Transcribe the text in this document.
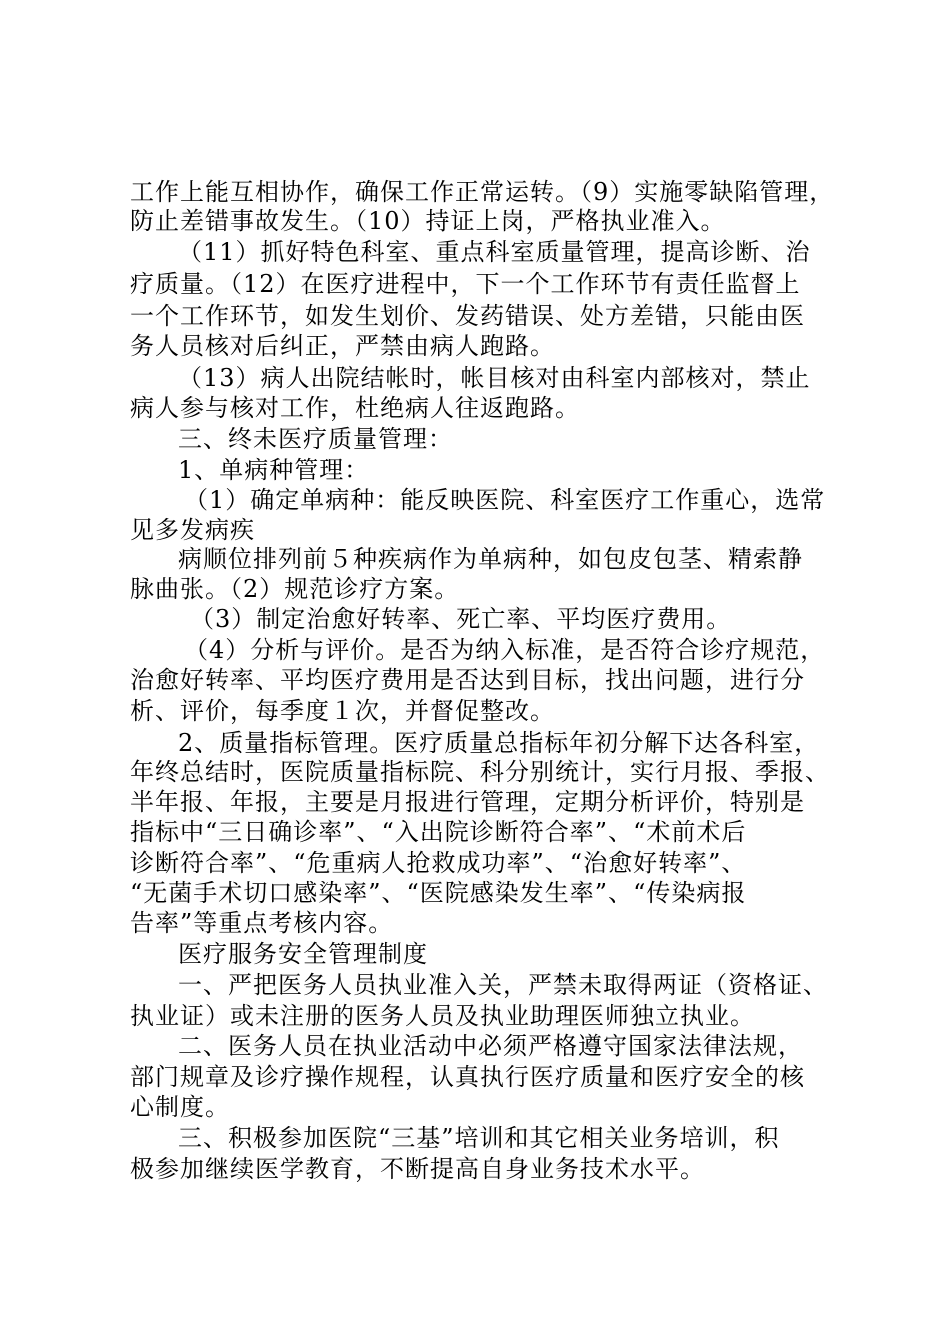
工作上能互相协作，确保工作正常运转。（9）实施零缺陷管理，
防止差错事故发生。（10）持证上岗，严格执业准入。
（11）抓好特色科室、重点科室质量管理，提高诊断、治
疗质量。（12）在医疗进程中，下一个工作环节有责任监督上
一个工作环节，如发生划价、发药错误、处方差错，只能由医
务人员核对后纠正，严禁由病人跑路。
（13）病人出院结帐时，帐目核对由科室内部核对，禁止
病人参与核对工作，杜绝病人往返跑路。
三、终未医疗质量管理：
1、单病种管理：
（1）确定单病种：能反映医院、科室医疗工作重心，选常
见多发病疾
病顺位排列前５种疾病作为单病种，如包皮包茎、精索静
脉曲张。（2）规范诊疗方案。
（3）制定治愈好转率、死亡率、平均医疗费用。
（4）分析与评价。是否为纳入标准，是否符合诊疗规范，
治愈好转率、平均医疗费用是否达到目标，找出问题，进行分
析、评价，每季度１次，并督促整改。
2、质量指标管理。医疗质量总指标年初分解下达各科室，
年终总结时，医院质量指标院、科分别统计，实行月报、季报、
半年报、年报，主要是月报进行管理，定期分析评价，特别是
指标中“三日确诊率”、“入出院诊断符合率”、“术前术后
诊断符合率”、“危重病人抢救成功率”、“治愈好转率”、
“无菌手术切口感染率”、“医院感染发生率”、“传染病报
告率”等重点考核内容。
医疗服务安全管理制度
一、严把医务人员执业准入关，严禁未取得两证（资格证、
执业证）或未注册的医务人员及执业助理医师独立执业。
二、医务人员在执业活动中必须严格遵守国家法律法规，
部门规章及诊疗操作规程，认真执行医疗质量和医疗安全的核
心制度。
三、积极参加医院“三基”培训和其它相关业务培训，积
极参加继续医学教育，不断提高自身业务技术水平。
